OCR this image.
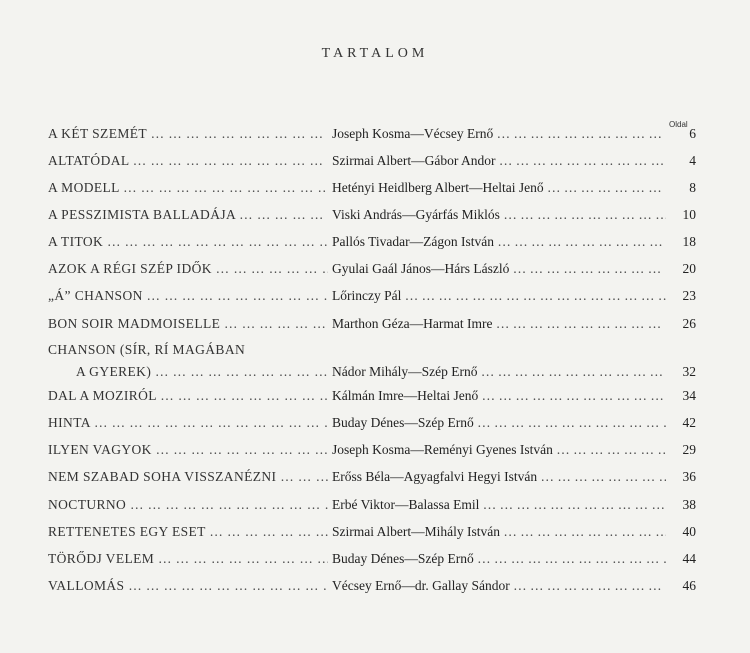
TARTALOM
Oldal
A KÉT SZEMÉT … … … … … … … … … … … … … … … …	Joseph Kosma—Vécsey Ernő … … … … … … … … … … … … … … … …	6
ALTATÓDAL … … … … … … … … … … … … … … … …	Szirmai Albert—Gábor Andor … … … … … … … … … … … … … … … …	4
A MODELL … … … … … … … … … … … … … … … …	Hetényi Heidlberg Albert—Heltai Jenő … … … … … … … … … … … … … … … …	8
A PESSZIMISTA BALLADÁJA … … … … … … … … … … … … … … … …	Viski András—Gyárfás Miklós … … … … … … … … … … … … … … … …	10
A TITOK … … … … … … … … … … … … … … … …	Pallós Tivadar—Zágon István … … … … … … … … … … … … … … … …	18
AZOK A RÉGI SZÉP IDŐK … … … … … … … … … … … … … … … …	Gyulai Gaál János—Hárs László … … … … … … … … … … … … … … … …	20
„Á” CHANSON … … … … … … … … … … … … … … … …	Lőrinczy Pál … … … … … … … … … … … … … … … …	23
BON SOIR MADMOISELLE … … … … … … … … … … … … … … … …	Marthon Géza—Harmat Imre … … … … … … … … … … … … … … … …	26
CHANSON (SÍR, RÍ MAGÁBAN
A GYEREK) … … … … … … … … … … … … … … … …	Nádor Mihály—Szép Ernő … … … … … … … … … … … … … … … …	32
DAL A MOZIRÓL … … … … … … … … … … … … … … … …	Kálmán Imre—Heltai Jenő … … … … … … … … … … … … … … … …	34
HINTA … … … … … … … … … … … … … … … …	Buday Dénes—Szép Ernő … … … … … … … … … … … … … … … …	42
ILYEN VAGYOK … … … … … … … … … … … … … … … …	Joseph Kosma—Reményi Gyenes István … … … … … … … … … … … … … … … …	29
NEM SZABAD SOHA VISSZANÉZNI … … … … … … … … … … … … … … … …	Erőss Béla—Agyagfalvi Hegyi István … … … … … … … … … … … … … … … …	36
NOCTURNO … … … … … … … … … … … … … … … …	Erbé Viktor—Balassa Emil … … … … … … … … … … … … … … … …	38
RETTENETES EGY ESET … … … … … … … … … … … … … … … …	Szirmai Albert—Mihály István … … … … … … … … … … … … … … … …	40
TÖRŐDJ VELEM … … … … … … … … … … … … … … … …	Buday Dénes—Szép Ernő … … … … … … … … … … … … … … … …	44
VALLOMÁS … … … … … … … … … … … … … … … …	Vécsey Ernő—dr. Gallay Sándor … … … … … … … … … … … … … … … …	46
